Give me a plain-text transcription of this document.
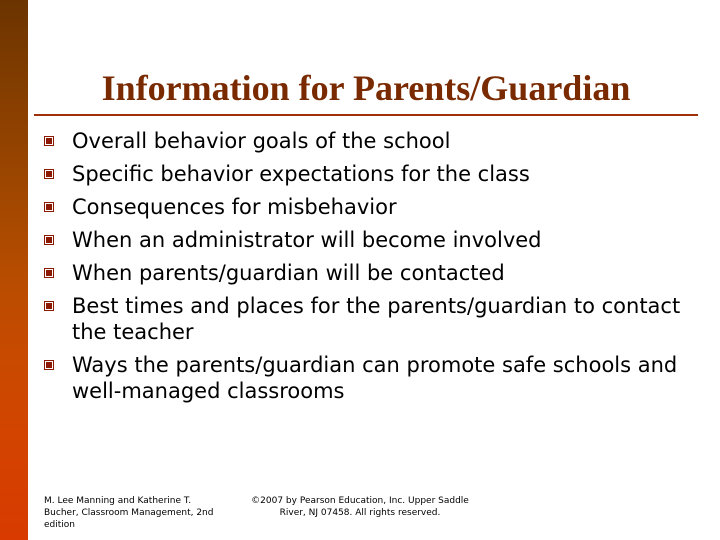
Information for Parents/Guardian
Overall behavior goals of the school
Specific behavior expectations for the class
Consequences for misbehavior
When an administrator will become involved
When parents/guardian will be contacted
Best times and places for the parents/guardian to contact the teacher
Ways the parents/guardian can promote safe schools and well-managed classrooms
M. Lee Manning and Katherine T. Bucher, Classroom Management, 2nd edition
©2007 by Pearson Education, Inc. Upper Saddle River, NJ 07458. All rights reserved.
